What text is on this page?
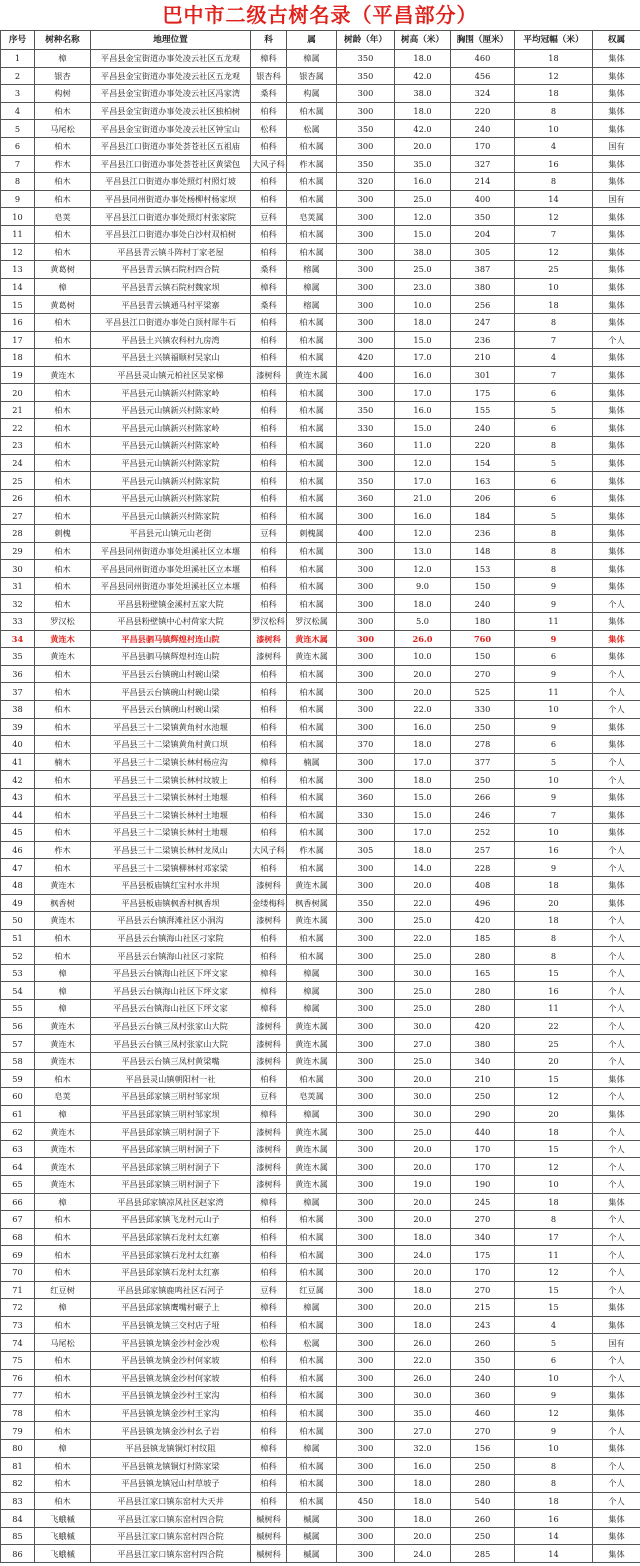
巴中市二级古树名录（平昌部分）
序号	树种名称	地理位置	科	属	树龄（年）	树高（米）	胸围（厘米）	平均冠幅（米）	权属
1	樟	平昌县金宝街道办事处凌云社区五龙观	樟科	樟属	350	18.0	460	18	集体
2	银杏	平昌县金宝街道办事处凌云社区五龙观	银杏科	银杏属	350	42.0	456	12	集体
3	构树	平昌县金宝街道办事处凌云社区冯家湾	桑科	构属	300	38.0	324	18	集体
4	柏木	平昌县金宝街道办事处凌云社区独柏树	柏科	柏木属	300	18.0	220	8	集体
5	马尾松	平昌县金宝街道办事处凌云社区钟宝山	松科	松属	350	42.0	240	10	集体
6	柏木	平昌县江口街道办事处荟苍社区五祖庙	柏科	柏木属	300	20.0	170	4	国有
7	柞木	平昌县江口街道办事处荟苍社区黄梁包	大风子科	柞木属	350	35.0	327	16	集体
8	柏木	平昌县江口街道办事处照灯村照灯坡	柏科	柏木属	320	16.0	214	8	集体
9	柏木	平昌县同州街道办事处杨柳村杨家坝	柏科	柏木属	300	25.0	400	14	国有
10	皂荚	平昌县江口街道办事处照灯村张家院	豆科	皂荚属	300	12.0	350	12	集体
11	柏木	平昌县江口街道办事处白沙村双柏树	柏科	柏木属	300	15.0	204	7	集体
12	柏木	平昌县青云镇斗阵村丁家老屋	柏科	柏木属	300	38.0	305	12	集体
13	黄葛树	平昌县青云镇石院村四合院	桑科	榕属	300	25.0	387	25	集体
14	樟	平昌县青云镇石院村魏家坝	樟科	樟属	300	23.0	380	10	集体
15	黄葛树	平昌县青云镇通马村平梁寨	桑科	榕属	300	10.0	256	18	集体
16	柏木	平昌县江口街道办事处白顶村犀牛石	柏科	柏木属	300	18.0	247	8	集体
17	柏木	平昌县土兴镇农科村九房湾	柏科	柏木属	300	15.0	236	7	个人
18	柏木	平昌县土兴镇福顺村吴家山	柏科	柏木属	420	17.0	210	4	集体
19	黄连木	平昌县灵山镇元柏社区吴家梯	漆树科	黄连木属	400	16.0	301	7	集体
20	柏木	平昌县元山镇新兴村陈家岭	柏科	柏木属	300	17.0	175	6	集体
21	柏木	平昌县元山镇新兴村陈家岭	柏科	柏木属	350	16.0	155	5	集体
22	柏木	平昌县元山镇新兴村陈家岭	柏科	柏木属	330	15.0	240	6	集体
23	柏木	平昌县元山镇新兴村陈家岭	柏科	柏木属	360	11.0	220	8	集体
24	柏木	平昌县元山镇新兴村陈家院	柏科	柏木属	300	12.0	154	5	集体
25	柏木	平昌县元山镇新兴村陈家院	柏科	柏木属	350	17.0	163	6	集体
26	柏木	平昌县元山镇新兴村陈家院	柏科	柏木属	360	21.0	206	6	集体
27	柏木	平昌县元山镇新兴村陈家院	柏科	柏木属	300	16.0	184	5	集体
28	刺槐	平昌县元山镇元山老街	豆科	刺槐属	400	12.0	236	8	集体
29	柏木	平昌县同州街道办事处坦溪社区立本堰	柏科	柏木属	300	13.0	148	8	集体
30	柏木	平昌县同州街道办事处坦溪社区立本堰	柏科	柏木属	300	12.0	153	8	集体
31	柏木	平昌县同州街道办事处坦溪社区立本堰	柏科	柏木属	300	9.0	150	9	集体
32	柏木	平昌县粉壁镇金溪村五家大院	柏科	柏木属	300	18.0	240	9	个人
33	罗汉松	平昌县粉壁镇中心村荷家大院	罗汉松科	罗汉松属	300	5.0	180	11	集体
34	黄连木	平昌县驷马镇辉煌村连山院	漆树科	黄连木属	300	26.0	760	9	集体
35	黄连木	平昌县驷马镇辉煌村连山院	漆树科	黄连木属	300	10.0	150	6	集体
36	柏木	平昌县云台镇碗山村碗山梁	柏科	柏木属	300	20.0	270	9	个人
37	柏木	平昌县云台镇碗山村碗山梁	柏科	柏木属	300	20.0	525	11	个人
38	柏木	平昌县云台镇碗山村碗山梁	柏科	柏木属	300	22.0	330	10	个人
39	柏木	平昌县三十二梁镇黄角村水池堰	柏科	柏木属	300	16.0	250	9	集体
40	柏木	平昌县三十二梁镇黄角村黄口坝	柏科	柏木属	370	18.0	278	6	集体
41	楠木	平昌县三十二梁镇长林村杨应沟	樟科	楠属	300	17.0	377	5	个人
42	柏木	平昌县三十二梁镇长林村坟坡上	柏科	柏木属	300	18.0	250	10	个人
43	柏木	平昌县三十二梁镇长林村土地堰	柏科	柏木属	360	15.0	266	9	集体
44	柏木	平昌县三十二梁镇长林村土地堰	柏科	柏木属	330	15.0	246	7	集体
45	柏木	平昌县三十二梁镇长林村土地堰	柏科	柏木属	300	17.0	252	10	集体
46	柞木	平昌县三十二梁镇长林村龙凤山	大风子科	柞木属	305	18.0	257	16	个人
47	柏木	平昌县三十二梁镇柳林村邓家梁	柏科	柏木属	300	14.0	228	9	个人
48	黄连木	平昌县板庙镇红宝村水井坝	漆树科	黄连木属	300	20.0	408	18	集体
49	枫香树	平昌县板庙镇枫香村枫香坝	金缕梅科	枫香树属	350	22.0	496	20	集体
50	黄连木	平昌县云台镇湃滩社区小洞沟	漆树科	黄连木属	300	25.0	420	18	个人
51	柏木	平昌县云台镇海山社区刁家院	柏科	柏木属	300	22.0	185	8	个人
52	柏木	平昌县云台镇海山社区刁家院	柏科	柏木属	300	25.0	280	8	个人
53	樟	平昌县云台镇海山社区下坪文家	樟科	樟属	300	30.0	165	15	个人
54	樟	平昌县云台镇海山社区下坪文家	樟科	樟属	300	25.0	280	16	个人
55	樟	平昌县云台镇海山社区下坪文家	樟科	樟属	300	25.0	280	11	个人
56	黄连木	平昌县云台镇三凤村张家山大院	漆树科	黄连木属	300	30.0	420	22	个人
57	黄连木	平昌县云台镇三凤村张家山大院	漆树科	黄连木属	300	27.0	380	25	个人
58	黄连木	平昌县云台镇三凤村黄梁嘴	漆树科	黄连木属	300	25.0	340	20	个人
59	柏木	平昌县灵山镇朝阳村一社	柏科	柏木属	300	20.0	210	15	集体
60	皂荚	平昌县邱家镇三明村邹家坝	豆科	皂荚属	300	30.0	250	12	个人
61	樟	平昌县邱家镇三明村邹家坝	樟科	樟属	300	30.0	290	20	集体
62	黄连木	平昌县邱家镇三明村洞子下	漆树科	黄连木属	300	25.0	440	18	个人
63	黄连木	平昌县邱家镇三明村洞子下	漆树科	黄连木属	300	20.0	170	15	个人
64	黄连木	平昌县邱家镇三明村洞子下	漆树科	黄连木属	300	20.0	170	12	个人
65	黄连木	平昌县邱家镇三明村洞子下	漆树科	黄连木属	300	19.0	190	10	个人
66	樟	平昌县邱家镇凉风社区赵家湾	樟科	樟属	300	20.0	245	18	集体
67	柏木	平昌县邱家镇飞龙村元山子	柏科	柏木属	300	20.0	270	8	个人
68	柏木	平昌县邱家镇石龙村太红寨	柏科	柏木属	300	18.0	340	17	个人
69	柏木	平昌县邱家镇石龙村太红寨	柏科	柏木属	300	24.0	175	11	个人
70	柏木	平昌县邱家镇石龙村太红寨	柏科	柏木属	300	20.0	170	12	个人
71	红豆树	平昌县邱家镇鹿鸣社区石河子	豆科	红豆属	300	18.0	270	15	个人
72	樟	平昌县邱家镇鹰嘴村碾子上	樟科	樟属	300	20.0	215	15	集体
73	柏木	平昌县镇龙镇三交村店子垭	柏科	柏木属	300	18.0	243	4	集体
74	马尾松	平昌县镇龙镇金沙村金沙观	松科	松属	300	26.0	260	5	国有
75	柏木	平昌县镇龙镇金沙村何家坡	柏科	柏木属	300	22.0	350	6	个人
76	柏木	平昌县镇龙镇金沙村何家坡	柏科	柏木属	300	26.0	240	10	个人
77	柏木	平昌县镇龙镇金沙村王家沟	柏科	柏木属	300	30.0	360	9	集体
78	柏木	平昌县镇龙镇金沙村王家沟	柏科	柏木属	300	35.0	460	12	集体
79	柏木	平昌县镇龙镇金沙村幺子岩	柏科	柏木属	300	27.0	270	9	个人
80	樟	平昌县镇龙镇铜灯村纹阻	樟科	樟属	300	32.0	156	10	集体
81	柏木	平昌县镇龙镇铜灯村陈家梁	柏科	柏木属	300	16.0	250	8	个人
82	柏木	平昌县镇龙镇冠山村草坡子	柏科	柏木属	300	18.0	280	8	个人
83	柏木	平昌县江家口镇东窑村大天井	柏科	柏木属	450	18.0	540	18	个人
84	飞蛾槭	平昌县江家口镇东窑村四合院	槭树科	槭属	300	18.0	260	16	集体
85	飞蛾槭	平昌县江家口镇东窑村四合院	槭树科	槭属	300	20.0	250	14	集体
86	飞蛾槭	平昌县江家口镇东窑村四合院	槭树科	槭属	300	24.0	285	14	集体
